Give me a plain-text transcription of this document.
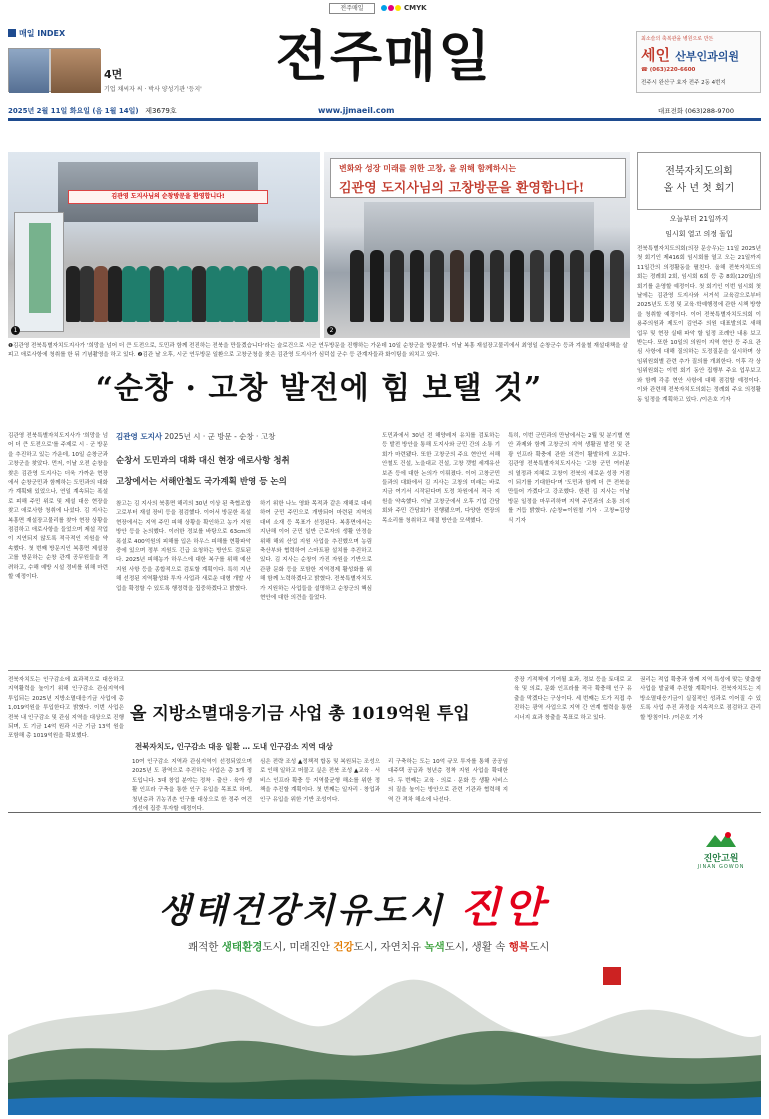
전주매일	CMYK
매일 INDEX
4면
기업 채씨자 씨 · 박사 양성기관 '등지'
전주매일	최소슬의 축복관을 병원으로 만든
세인 산부인과의원
☎ (063)220-6600
전주시 완산구 효자 전주 2동 4번지
2025년 2월 11일 화요일 (음 1월 14일) 제3679호	www.jjmaeil.com	대표전화 (063)288-9700
김관영 도지사님의 순창방문을 환영합니다!
1
변화와 성장 미래를 위한 고창, 을 위해 함께하시는
김관영 도지사님의 고창방문을 환영합니다!
2
❶김관영 전북특별자치도지사가 '희망을 넘어 더 큰 도전으로, 도민과 함께 전진하는 전북을 만들겠습니다'라는 슬로건으로 시군 연두방문을 진행하는 가운데 10일 순창군을 방문했다. 이날 복흥 재설장고물리에서 최영일 순창군수 등과 겨울철 재설대책을 살피고 애로사항에 청취를 한 뒤 기념촬영을 하고 있다. ❷김관 날 오후, 시군 연두방문 일환으로 고창군청을 찾은 김관영 도지사가 심덕섭 군수 등 관계자들과 화이팅을 외치고 있다.
전북자치도의회
올 사 년 첫 회기
오늘부터 21일까지
임시회 열고 의정 돌입
전북특별자치도의회(의장 문승우)는 11일 2025년 첫 회기인 제416회 임시회를 열고 오는 21일까지 11일간의 의정활동을 펼친다. 올해 전북자치도의회는 정례회 2회, 임시회 6회 등 총 8회(120일)의 회기를 운영할 예정이다. 첫 회기인 이번 임시회 첫날에는 김관영 도지사와 서거석 교육감으로부터 2025년도 도정 및 교육·학예행정에 관한 시책 방향을 청취할 예정이다. 이어 전북특별자치도의회 이용주의원과 제도이 김연주 의원 대표발의로 새해 업무 및 현장 실태 파악 할 일정 조례안 내용 보고받는다. 또한 10일의 의원이 지역 현안 등 주요 관심 사항에 대해 질의하는 도정질문을 실시하며 상임위원회별 관련 추가 질의를 개최한다. 이후 각 상임위원회는 이번 회기 동안 집행부 주요 업무보고와 함께 각종 현안 사항에 대해 점검할 예정이다. 이와 관련해 전북자치도의회는 정례회 주요 의정활동 일정을 계획하고 있다. /이은호 기자
“순창 · 고창 발전에 힘 보탤 것”
김관영 도지사 2025년 시 · 군 방문 - 순창 · 고창
순창서 도민과의 대화 대신 현장 애로사항 청취
고창에서는 서해안철도 국가계획 반영 등 논의
김관영 전북특별자치도지사가 '희망을 넘어 더 큰 도전으로'를 주제로 시 · 군 방문을 추진하고 있는 가운데, 10일 순창군과 고창군을 찾았다. 먼저, 이날 오전 순창을 찾은 김관영 도지사는 더욱 가까운 현장에서 순창군민과 함께하는 도민과의 대화가 계획돼 있었으나, 연일 계속되는 폭설로 피해 주민 위로 및 제설 대응 현장을 찾고 애로사항 청취에 나섰다. 김 지사는 복흥면 재설장고물리를 찾아 현장 상황을 점검하고 애로사항을 들었으며 제설 작업이 지연되지 않도록 적극적인 지원을 약속했다. 첫 번째 방문지인 복흥면 제설장고를 방문하는 순창 관계 공무원들을 격려하고, 수해 예방 시설 정비를 위해 마련할 예정이다.
참고는 김 지사의 북흥면 해리의 30년 이상 된 축협조합고로부터 재설 장비 등을 점검했다. 이어서 방문한 폭설현장에서는 지역 주민 피해 상황을 확인하고 농가 지원 방안 등을 논의했다. 이러한 정보를 바탕으로 63cm의 폭설로 400억원의 피해를 입은 하우스 피해를 현황파악 중에 있으며 정부 지원도 긴급 요청하는 방안도 검토된다. 2025년 피해농가 하우스에 대한 복구를 위해 예산 지원 사항 등을 종합적으로 검토할 계획이다. 특히 지난해 선정된 지역활성화 투자 사업과 새로운 대형 개발 사업을 확정할 수 있도록 행정력을 집중하겠다고 밝혔다.
하기 위한 나노 영화 목적과 같은 재해로 대비하여 군민 주민으로 개방되어 마련된 지역의 대비 소재 등 목표가 선정된다. 복흥면에서는 지난해 이어 군민 일반 근로자의 생활 안정을 위해 해외 산업 지원 사업을 추진했으며 농림축산부와 협력하여 스마트팜 설치를 추진하고 있다. 김 지사는 순창이 가진 자원을 기반으로 관광 문화 등을 포함한 지역경제 활성화를 위해 함께 노력하겠다고 밝혔다. 전북특별자치도가 지원하는 사업들을 설명하고 순창군의 핵심 현안에 대한 의견을 들었다.
도민과에서 30년 전 해양레저 유치를 검토하는 등 발전 방안을 통해 도지사와 군민 간의 소통 기회가 마련됐다. 또한 고창군의 주요 현안인 서해안철도 건설, 노을대교 건설, 고창 갯벌 세계유산 보존 등에 대한 논의가 이뤄졌다. 이어 고창군민들과의 대화에서 김 지사는 고창의 미래는 바로 지금 여기서 시작된다며 도정 차원에서 적극 지원을 약속했다. 이날 고창군에서 오후 기업 간담회와 주민 간담회가 진행됐으며, 다양한 현장의 목소리를 청취하고 해결 방안을 모색했다.
특히, 이번 군민과의 만남에서는 2월 및 분기별 현안 과제와 함께 고창군의 지역 생활권 발전 및 관광 인프라 확충에 관한 의견이 활발하게 오갔다. 김관영 전북특별자치도지사는 '고창 군민 여러분의 열정과 지혜로 고창이 전북의 새로운 성장 거점이 되기를 기대한다'며 '도민과 함께 더 큰 전북을 만들어 가겠다'고 강조했다. 한편 김 지사는 이날 방문 일정을 마무리하며 지역 주민과의 소통 의지를 거듭 밝혔다. /순창=이원철 기자 · 고창=김양식 기자
전북자치도는 인구감소에 효과적으로 대응하고 지역활력을 높이기 위해 인구감소 관심지역에 투입되는 2025년 지방소멸대응기금 사업에 총 1,019억원을 투입한다고 밝혔다. 이번 사업은 전북 내 인구감소 및 관심 지역을 대상으로 진행되며, 도 기금 14억 원과 시군 기금 13억 원을 포함해 총 1019억원을 확보했다.
올 지방소멸대응기금 사업 총 1019억원 투입
전북자치도, 인구감소 대응 일환 … 도내 인구감소 지역 대상
10여 인구감소 지역과 관심지역이 선정되었으며 2025년 도 광역으로 추진하는 사업은 총 3개 정도입니다. 3대 창업 분야는 정착 · 출산 · 육아 생활 인프라 구축을 통한 인구 유입을 목표로 하며, 청년층과 귀농귀촌 인구를 대상으로 한 정주 여건 개선에 집중 투자할 예정이다.
심은 전략 조성 ▲정책적 합동 및 복원되는 조성으로 인해 일하고 머물고 싶은 전북 조성 ▲교육 · 서비스 인프라 확충 등 지역불균형 해소를 위한 정책을 추진할 계획이다. 첫 번째는 일자리 · 창업과 인구 유입을 위한 기반 조성이다.
리 구축하는 도는 10억 규모 투자를 통해 공공임대주택 공급과 청년층 정착 지원 사업을 확대한다. 두 번째는 교육 · 의료 · 문화 등 생활 서비스의 질을 높이는 방안으로 관련 기관과 협력해 지역 간 격차 해소에 나선다.
중장 기적책에 기여될 효과, 정보 등을 토대로 교육 및 의료, 문화 인프라를 적극 확충해 인구 유출을 막겠다는 구상이다. 세 번째는 도가 직접 추진하는 광역 사업으로 지역 간 연계 협력을 통한 시너지 효과 창출을 목표로 하고 있다.
권리는 적업 확충과 함께 지역 특성에 맞는 맞춤형 사업을 발굴해 추진할 계획이다. 전북자치도는 지방소멸대응기금이 실질적인 성과로 이어질 수 있도록 사업 추진 과정을 지속적으로 점검하고 관리할 방침이다. /이은호 기자
진안고원
JINAN GOWON
생태건강치유도시 진안
쾌적한 생태환경도시, 미래진안 건강도시, 자연치유 녹색도시, 생활 속 행복도시
